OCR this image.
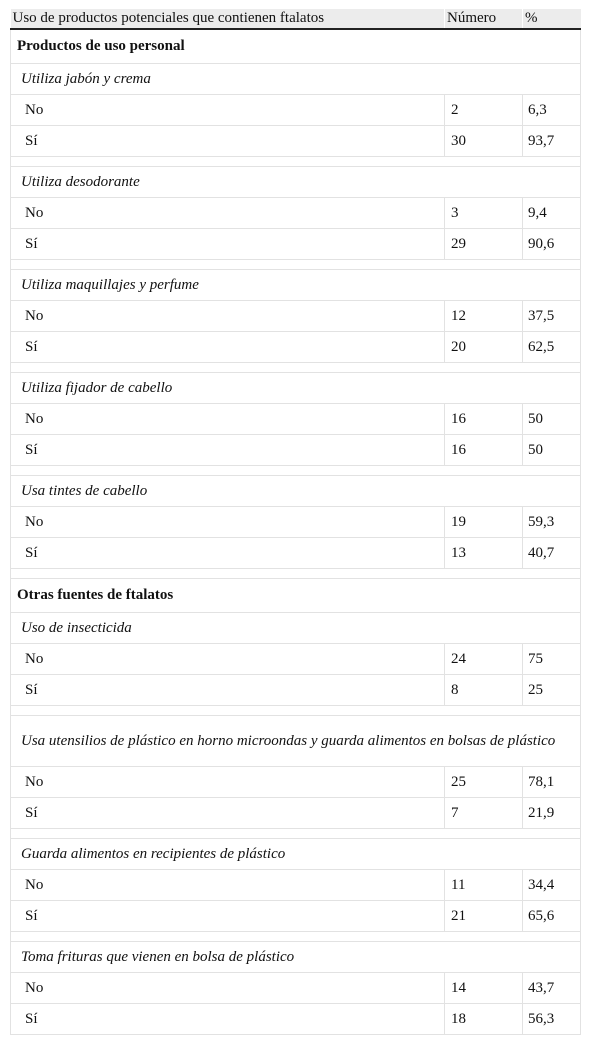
Uso de productos potenciales que contienen ftalatos	Número	%
Productos de uso personal		
Utiliza jabón y crema		
No	2	6,3
Sí	30	93,7

Utiliza desodorante		
No	3	9,4
Sí	29	90,6

Utiliza maquillajes y perfume		
No	12	37,5
Sí	20	62,5

Utiliza fijador de cabello		
No	16	50
Sí	16	50

Usa tintes de cabello		
No	19	59,3
Sí	13	40,7

Otras fuentes de ftalatos		
Uso de insecticida		
No	24	75
Sí	8	25

Usa utensilios de plástico en horno microondas y guarda alimentos en bolsas de plástico		
No	25	78,1
Sí	7	21,9

Guarda alimentos en recipientes de plástico		
No	11	34,4
Sí	21	65,6

Toma frituras que vienen en bolsa de plástico		
No	14	43,7
Sí	18	56,3
